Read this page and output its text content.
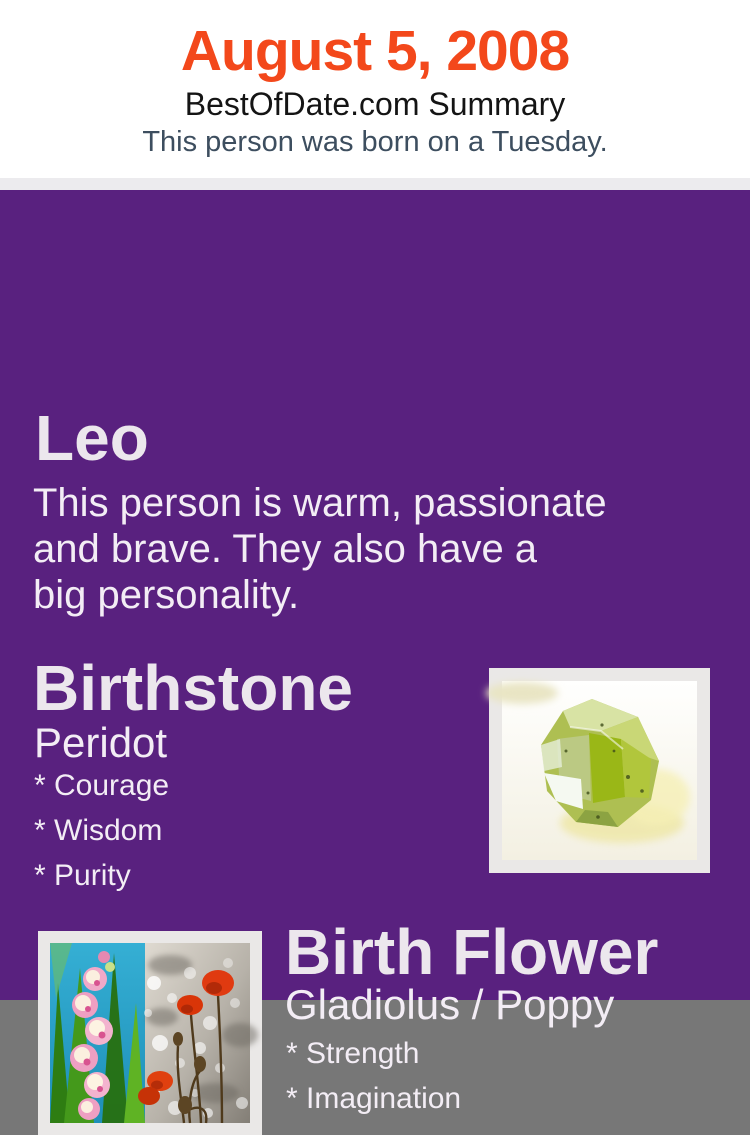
August 5, 2008
BestOfDate.com Summary
This person was born on a Tuesday.
Leo

This person is warm, passionate
and brave. They also have a
big personality.

Birthstone
Peridot
* Courage
* Wisdom
* Purity
Birth Flower
Gladiolus / Poppy
* Strength
* Imagination
